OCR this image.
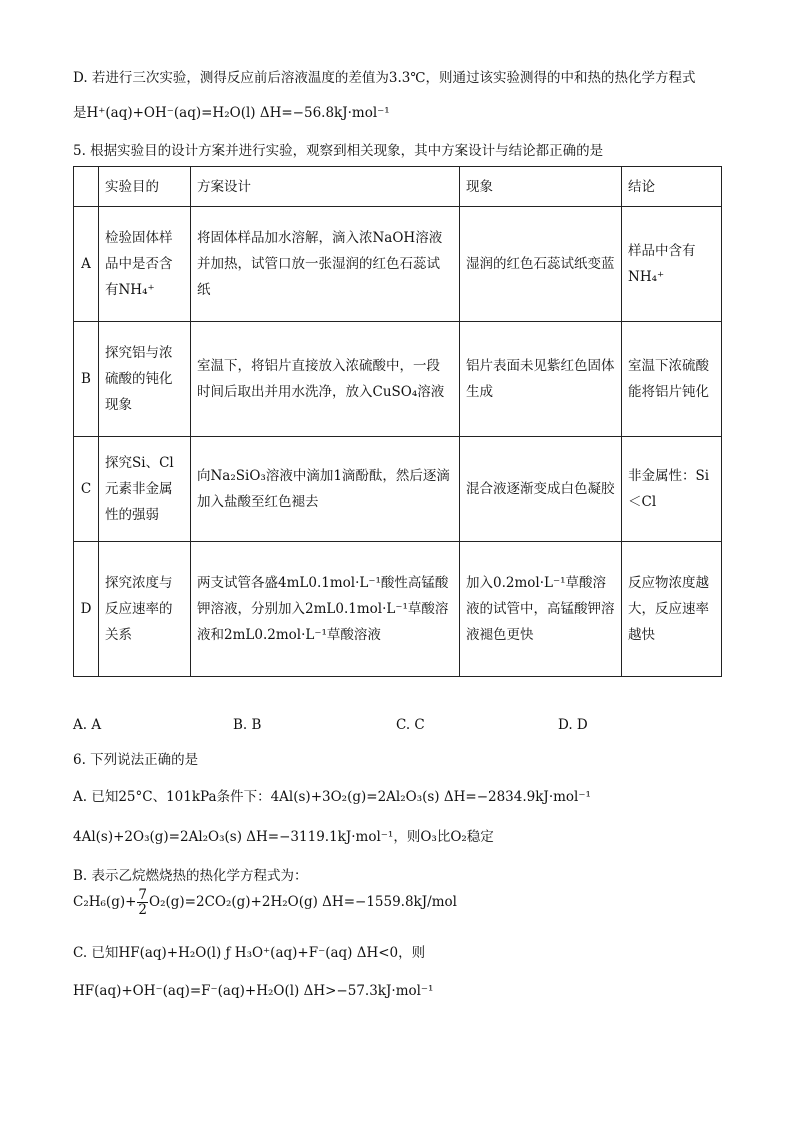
D. 若进行三次实验，测得反应前后溶液温度的差值为3.3℃，则通过该实验测得的中和热的热化学方程式
是H⁺(aq)+OH⁻(aq)=H₂O(l) ΔH=−56.8kJ·mol⁻¹
5. 根据实验目的设计方案并进行实验，观察到相关现象，其中方案设计与结论都正确的是
	实验目的	方案设计	现象	结论
A	检验固体样品中是否含有NH₄⁺	将固体样品加水溶解，滴入浓NaOH溶液并加热，试管口放一张湿润的红色石蕊试纸	湿润的红色石蕊试纸变蓝	样品中含有NH₄⁺
B	探究铝与浓硫酸的钝化现象	室温下，将铝片直接放入浓硫酸中，一段时间后取出并用水洗净，放入CuSO₄溶液	铝片表面未见紫红色固体生成	室温下浓硫酸能将铝片钝化
C	探究Si、Cl元素非金属性的强弱	向Na₂SiO₃溶液中滴加1滴酚酞，然后逐滴加入盐酸至红色褪去	混合液逐渐变成白色凝胶	非金属性：Si＜Cl
D	探究浓度与反应速率的关系	两支试管各盛4mL0.1mol·L⁻¹酸性高锰酸钾溶液，分别加入2mL0.1mol·L⁻¹草酸溶液和2mL0.2mol·L⁻¹草酸溶液	加入0.2mol·L⁻¹草酸溶液的试管中，高锰酸钾溶液褪色更快	反应物浓度越大，反应速率越快
A. A	B. B	C. C	D. D
6. 下列说法正确的是
A. 已知25°C、101kPa条件下：4Al(s)+3O₂(g)=2Al₂O₃(s) ΔH=−2834.9kJ·mol⁻¹
4Al(s)+2O₃(g)=2Al₂O₃(s) ΔH=−3119.1kJ·mol⁻¹，则O₃比O₂稳定
B. 表示乙烷燃烧热的热化学方程式为：
$C_2H_6(g)+ \frac{7}{2} O_2(g)=2CO_2(g)+2H_2O(g)$ ΔH=−1559.8kJ/mol
C. 已知HF(aq)+H₂O(l) ƒ H₃O⁺(aq)+F⁻(aq) ΔH<0，则
HF(aq)+OH⁻(aq)=F⁻(aq)+H₂O(l) ΔH>−57.3kJ·mol⁻¹
